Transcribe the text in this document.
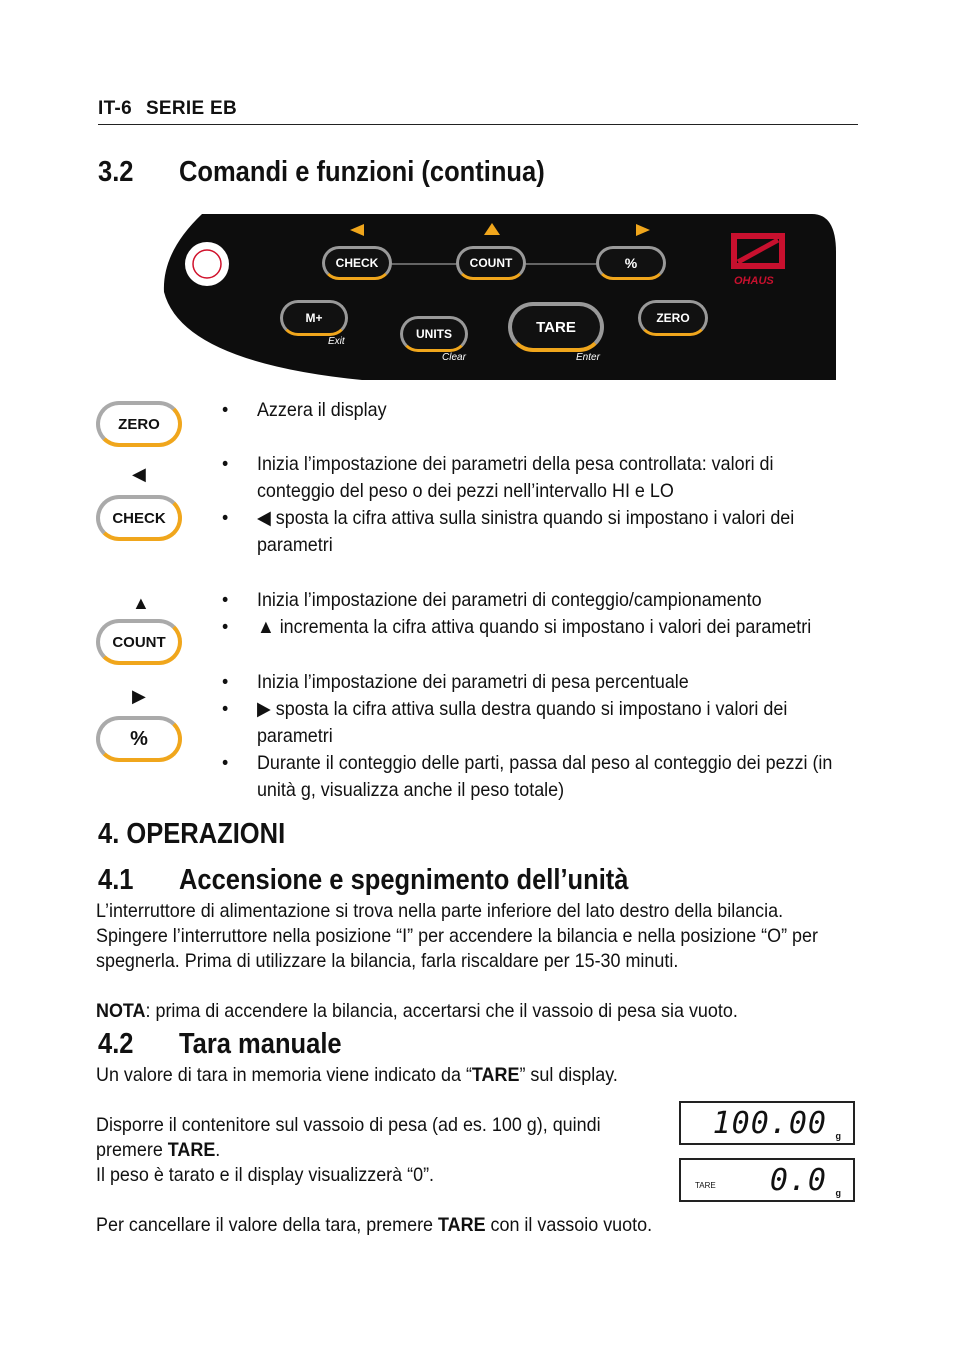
IT-6 SERIE EB
3.2 Comandi e funzioni (continua)
CHECK	COUNT	%
M+
UNITS	TARE
ZERO
Exit
Clear	Enter
OHAUS
ZERO
◀
CHECK
▲
COUNT
▶
%
• Azzera il display
• Inizia l’impostazione dei parametri della pesa controllata: valori di conteggio del peso o dei pezzi nell’intervallo HI e LO
• ◀ sposta la cifra attiva sulla sinistra quando si impostano i valori dei parametri
• Inizia l’impostazione dei parametri di conteggio/campionamento
• ▲ incrementa la cifra attiva quando si impostano i valori dei parametri
• Inizia l’impostazione dei parametri di pesa percentuale
• ▶ sposta la cifra attiva sulla destra quando si impostano i valori dei parametri
• Durante il conteggio delle parti, passa dal peso al conteggio dei pezzi (in unità g, visualizza anche il peso totale)
4. OPERAZIONI
4.1 Accensione e spegnimento dell’unità
L’interruttore di alimentazione si trova nella parte inferiore del lato destro della bilancia. Spingere l’interruttore nella posizione “I” per accendere la bilancia e nella posizione “O” per spegnerla. Prima di utilizzare la bilancia, farla riscaldare per 15-30 minuti.
NOTA: prima di accendere la bilancia, accertarsi che il vassoio di pesa sia vuoto.
4.2 Tara manuale
Un valore di tara in memoria viene indicato da “TARE” sul display.
Disporre il contenitore sul vassoio di pesa (ad es. 100 g), quindi premere TARE.
Il peso è tarato e il display visualizzerà “0”.
Per cancellare il valore della tara, premere TARE con il vassoio vuoto.
100.00 g
TARE 0.0 g
